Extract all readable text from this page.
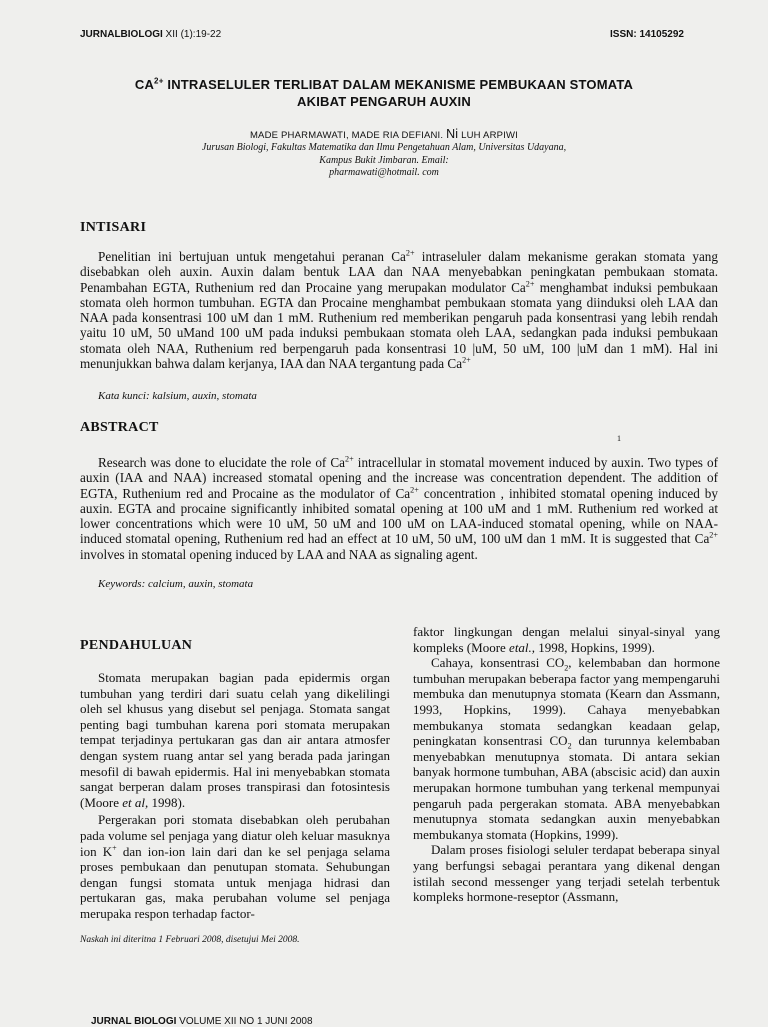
JURNALBIOLOGI XII (1):19-22	ISSN: 14105292
$CA^{2+}$ INTRASELULER TERLIBAT DALAM MEKANISME PEMBUKAAN STOMATA
AKIBAT PENGARUH AUXIN
MADE PHARMAWATI, MADE RIA DEFIANI. Ni LUH ARPIWI
Jurusan Biologi, Fakultas Matematika dan Ilmu Pengetahuan Alam, Universitas Udayana,
Kampus Bukit Jimbaran. Email:
pharmawati@hotmail. com
INTISARI

Penelitian ini bertujuan untuk mengetahui peranan $Ca^{2+}$ intraseluler dalam mekanisme gerakan stomata yang disebabkan oleh auxin. Auxin dalam bentuk LAA dan NAA menyebabkan peningkatan pembukaan stomata. Penambahan EGTA, Ruthenium red dan Procaine yang merupakan modulator $Ca^{2+}$ menghambat induksi pembukaan stomata oleh hormon tumbuhan. EGTA dan Procaine menghambat pembukaan stomata yang diinduksi oleh LAA dan NAA pada konsentrasi 100 uM dan 1 mM. Ruthenium red memberikan pengaruh pada konsentrasi yang lebih rendah yaitu 10 uM, 50 uMand 100 uM pada induksi pembukaan stomata oleh LAA, sedangkan pada induksi pembukaan stomata oleh NAA, Ruthenium red berpengaruh pada konsentrasi 10 |uM, 50 uM, 100 |uM dan 1 mM). Hal ini menunjukkan bahwa dalam kerjanya, IAA dan NAA tergantung pada $Ca^{2+}$

Kata kunci: kalsium, auxin, stomata
ABSTRACT
1

Research was done to elucidate the role of $Ca^{2+}$ intracellular in stomatal movement induced by auxin. Two types of auxin (IAA and NAA) increased stomatal opening and the increase was concentration dependent. The addition of EGTA, Ruthenium red and Procaine as the modulator of $Ca^{2+}$ concentration , inhibited stomatal opening induced by auxin. EGTA and procaine significantly inhibited somatal opening at 100 uM and 1 mM. Ruthenium red worked at lower concentrations which were 10 uM, 50 uM and 100 uM on LAA-induced stomatal opening, while on NAA-induced stomatal opening, Ruthenium red had an effect at 10 uM, 50 uM, 100 uM dan 1 mM. It is suggested that $Ca^{2+}$ involves in stomatal opening induced by LAA and NAA as signaling agent.

Keywords: calcium, auxin, stomata
PENDAHULUAN

Stomata merupakan bagian pada epidermis organ tumbuhan yang terdiri dari suatu celah yang dikelilingi oleh sel khusus yang disebut sel penjaga. Stomata sangat penting bagi tumbuhan karena pori stomata merupakan tempat terjadinya pertukaran gas dan air antara atmosfer dengan system ruang antar sel yang berada pada jaringan mesofil di bawah epidermis. Hal ini menyebabkan stomata sangat berperan dalam proses transpirasi dan fotosintesis (Moore et al, 1998).

Pergerakan pori stomata disebabkan oleh perubahan pada volume sel penjaga yang diatur oleh keluar masuknya ion K+ dan ion-ion lain dari dan ke sel penjaga selama proses pembukaan dan penutupan stomata. Sehubungan dengan fungsi stomata untuk menjaga hidrasi dan pertukaran gas, maka perubahan volume sel penjaga merupaka respon terhadap factor-

faktor lingkungan dengan melalui sinyal-sinyal yang kompleks (Moore etal., 1998, Hopkins, 1999).

Cahaya, konsentrasi $CO_2$, kelembaban dan hormone tumbuhan merupakan beberapa factor yang mempengaruhi membuka dan menutupnya stomata (Kearn dan Assmann, 1993, Hopkins, 1999). Cahaya menyebabkan membukanya stomata sedangkan keadaan gelap, peningkatan konsentrasi $CO_2$ dan turunnya kelembaban menyebabkan menutupnya stomata. Di antara sekian banyak hormone tumbuhan, ABA (abscisic acid) dan auxin merupakan hormone tumbuhan yang terkenal mempunyai pengaruh pada pergerakan stomata. ABA menyebabkan menutupnya stomata sedangkan auxin menyebabkan membukanya stomata (Hopkins, 1999).

Dalam proses fisiologi seluler terdapat beberapa sinyal yang berfungsi sebagai perantara yang dikenal dengan istilah second messenger yang terjadi setelah terbentuk kompleks hormone-reseptor (Assmann,

Naskah ini diteritna 1 Februari 2008, disetujui Mei 2008.
JURNAL BIOLOGI VOLUME XII NO 1 JUNI 2008
